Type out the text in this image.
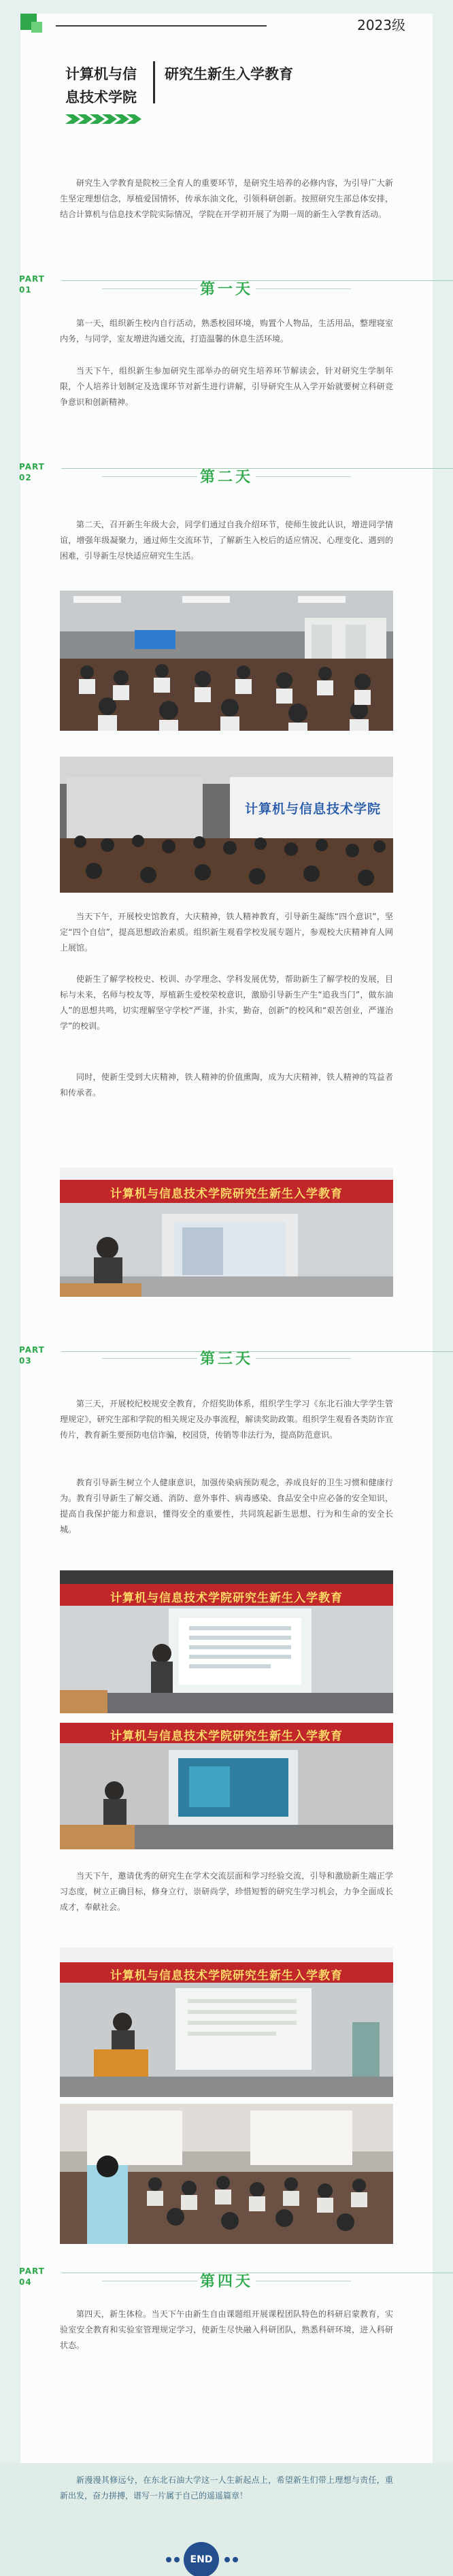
2023级
计算机与信息技术学院
研究生新生入学教育

研究生入学教育是院校三全育人的重要环节，是研究生培养的必修内容，为引导广大新生坚定理想信念，厚植爱国情怀，传承东油文化，引领科研创新。按照研究生部总体安排，结合计算机与信息技术学院实际情况，学院在开学初开展了为期一周的新生入学教育活动。

PART
01	第一天

第一天，组织新生校内自行活动，熟悉校园环境，购置个人物品，生活用品，整理寝室内务，与同学，室友增进沟通交流，打造温馨的休息生活环境。

当天下午，组织新生参加研究生部举办的研究生培养环节解读会，针对研究生学制年限，个人培养计划制定及选课环节对新生进行讲解，引导研究生从入学开始就要树立科研竞争意识和创新精神。

PART
02	第二天

第二天，召开新生年级大会，同学们通过自我介绍环节，使师生彼此认识，增进同学情谊，增强年级凝聚力，通过师生交流环节，了解新生入校后的适应情况、心理变化、遇到的困难，引导新生尽快适应研究生生活。

计算机与信息技术学院

当天下午，开展校史馆教育，大庆精神，铁人精神教育，引导新生凝练“四个意识”，坚定“四个自信”，提高思想政治素质。组织新生观看学校发展专题片，参观校大庆精神育人网上展馆。

使新生了解学校校史、校训、办学理念、学科发展优势，帮助新生了解学校的发展，目标与未来，名师与校友等，厚植新生爱校荣校意识，激励引导新生产生“追我当门”，做东油人”的思想共鸣，切实理解坚守学校“严谨，扑实，勤奋，创新”的校风和“艰苦创业，严谨治学”的校训。

同时，使新生受到大庆精神，铁人精神的价值熏陶，成为大庆精神，铁人精神的笃益者和传承者。

计算机与信息技术学院研究生新生入学教育
PART
03	第三天

第三天，开展校纪校规安全教育，介绍奖助体系，组织学生学习《东北石油大学学生管理规定》，研究生部和学院的相关规定及办事流程，解读奖助政策。组织学生观看各类防诈宣传片，教育新生要预防电信诈骗，校园贷，传销等非法行为，提高防范意识。

教育引导新生树立个人健康意识，加强传染病预防观念，养成良好的卫生习惯和健康行为。教育引导新生了解交通、消防、意外事件、病毒感染、食品安全中应必备的安全知识，提高自我保护能力和意识，懂得安全的重要性，共同筑起新生思想、行为和生命的安全长城。

计算机与信息技术学院研究生新生入学教育
计算机与信息技术学院研究生新生入学教育

当天下午，邀请优秀的研究生在学术交流层面和学习经验交流，引导和激励新生端正学习态度，树立正确目标，修身立行，崇研尚学，珍惜短暂的研究生学习机会，力争全面成长成才，奉献社会。

计算机与信息技术学院研究生新生入学教育
PART
04	第四天

第四天，新生体检。当天下午由新生自由课题组开展课程团队特色的科研启蒙教育，实验室安全教育和实验室管理规定学习，使新生尽快融入科研团队，熟悉科研环境，进入科研状态。

新漫漫其修远兮，在东北石油大学这一人生新起点上，希望新生们带上理想与责任，重新出发，奋力拼搏，谱写一片属于自己的遥遥篇章！

END
